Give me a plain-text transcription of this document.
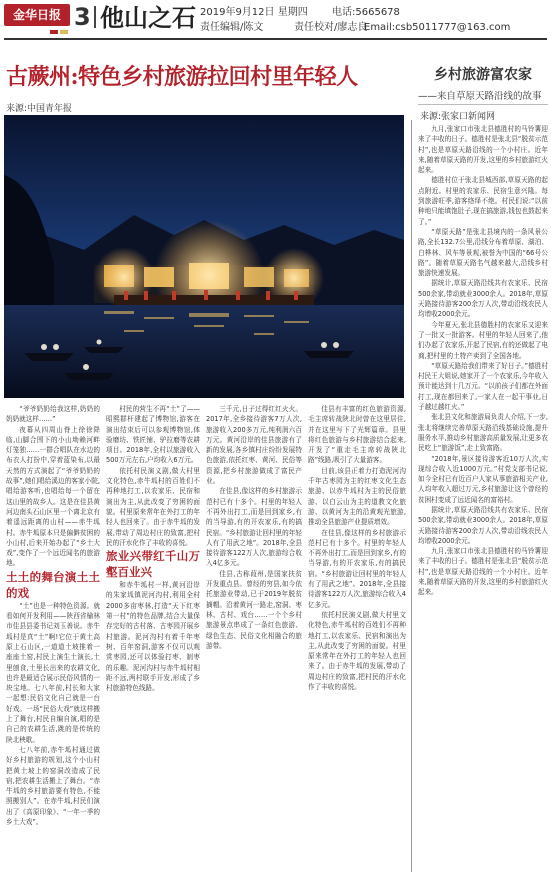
金华日报 3 他山之石 2019年9月12日 星期四
责任编辑/陈文
电话:5665678
责任校对/廖志良
Email:csb5011777@163.com
古蕨州:特色乡村旅游拉回村里年轻人
来源:中国青年报
乡村旅游富农家
——来自草原天路沿线的故事
来源:张家口新闻网

九月,张家口市张北县德胜村的马铃薯迎来了丰收的日子。德胜村是张北县“脱贫示范村”,也是草原天路沿线的一个小村庄。近年来,随着草原天路的开发,这里的乡村旅游红火起来。

德胜村位于张北县城西部,草原天路的起点附近。村里的农家乐、民宿生意兴隆。每到旅游旺季,游客络绎不绝。村民们说:“以前种地只能填饱肚子,现在搞旅游,钱包也鼓起来了。”

“草原天路”是张北县境内的一条风景公路,全长132.7公里,沿线分布着草原、湖泊、白桦林、风车等景观,被誉为中国的“66号公路”。随着草原天路名气越来越大,沿线乡村旅游快速发展。

据统计,草原天路沿线共有农家乐、民宿500余家,带动就业3000余人。2018年,草原天路接待游客200余万人次,带动沿线农民人均增收2000余元。

今年夏天,张北县德胜村的农家乐又迎来了一批又一批游客。村里的年轻人回来了,他们办起了农家乐,开起了民宿,有的还做起了电商,把村里的土特产卖到了全国各地。

“草原天路给我们带来了好日子。”德胜村村民王大姐说,她家开了一个农家乐,今年收入预计能达到十几万元。“以前孩子们都在外面打工,现在都回来了,一家人在一起干事业,日子越过越红火。”

张北县文化和旅游局负责人介绍,下一步,张北将继续完善草原天路沿线基础设施,提升服务水平,推动乡村旅游高质量发展,让更多农民吃上“旅游饭”,走上致富路。

“2018年,景区接待游客近10万人次,实现综合收入近1000万元。”村党支部书记说,如今全村已有近百户人家从事旅游相关产业,人均年收入超过万元,乡村旅游让这个曾经的贫困村变成了远近闻名的富裕村。

据统计,草原天路沿线共有农家乐、民宿500余家,带动就业3000余人。2018年,草原天路接待游客200余万人次,带动沿线农民人均增收2000余元。

九月,张家口市张北县德胜村的马铃薯迎来了丰收的日子。德胜村是张北县“脱贫示范村”,也是草原天路沿线的一个小村庄。近年来,随着草原天路的开发,这里的乡村旅游红火起来。

“爷爷奶奶给我这样,奶奶的奶奶就这样……”

夜幕从四周山脊上徐徐降临,山脚合围下的小山坳赖河畔灯笼独……一群合唱队在水边的布衣人打扮中,穿着蓝染布,以最天然的方式演起了“爷爷奶奶的故事”,她们唱给溪边的客家小院,唱给游客听,也唱给每一个留在这山里的故乡人。这是在佳县黄河边南头石山区里一个离北京有着遥远距离的山村——赤牛坬村。赤牛坬原本只是偏僻贫困的小山村,后来开始办起了“乡土大戏”,变作了一个远近闻名的旅游地。

土土的舞台演土土的戏

“土”也是一种特色资源。就看如何开发利用——陕西省榆林市佳县县委书记刘玉善说。赤牛坬村是真“土”啊!它位于黄土高原上石山区,一道道土坡推着一座座土窑,村民上演生土演长,土里刨食,土里长出来的农耕文化,也许是最适合展示民俗风情的一块宝地。七八年前,村长和大家一起想:民俗文化自己就是一台好戏。一场“民俗大戏”就这样搬上了舞台,村民自编自演,唱的是自己的农耕生活,跳的是传统的陕北秧歌。

七八年前,赤牛坬村通过做好乡村旅游的规划,这个小山村把黄土坡上的窑洞改造成了民宿,把农耕生活搬上了舞台。“赤牛坬的乡村旅游要有特色,不能照搬别人”。在赤牛坬,村民们演出了《高原印象》、“一年一季的乡土大戏”。

村民的营生不再“土”了——昭熙群杆建起了博物馆,游客在演出结束后可以参观博物馆,体验磨坊、铁匠铺、驴拉磨等农耕项目。2018年,全村以旅游收入500万元左右,户均收入6万元。

依托村民演义剧,做大村里文化特色,赤牛坬村的百姓们不再种地打工,以农家乐、民宿和演出为主,从此改变了穷困的面貌。村里原来常年在外打工的年轻人也回来了。由于赤牛坬的发展,带动了周边村庄的致富,把村民的汗水化作了丰收的喜悦。

旅业兴带红千山万壑百业兴

和赤牛坬村一样,黄河沿岸的朱家坬镇泥河沟村,利用全村2000多亩枣林,打造“天下红枣第一村”的特色品牌,结合大量保存完好的古村落、古枣园开展乡村旅游。泥河沟村有着千年枣树、百年窑洞,游客不仅可以观赏枣园,还可以体验打枣、制枣的乐趣。泥河沟村与赤牛坬村相距不远,两村联手开发,形成了乡村旅游特色线路。

三千元,日子过得红红火火。2017年,全乡接待游客7万人次,旅游收入200多万元,纯利润六百万元。黄河沿岸的佳县旅游有了新的发展,各乡镇村庄纷纷发展特色旅游,依托红枣、黄河、民俗等资源,把乡村旅游做成了富民产业。

在佳县,像这样的乡村旅游示范村已有十多个。村里的年轻人不再外出打工,而是回到家乡,有的当导游,有的开农家乐,有的搞民宿。“乡村旅游让回村里的年轻人有了用武之地”。2018年,全县接待游客122万人次,旅游综合收入4亿多元。

佳县,古称葭州,是国家扶贫开发重点县。曾经的穷县,如今依托旅游业带动,已于2019年脱贫摘帽。沿着黄河一路走,窑洞、枣林、古村、戏台……一个个乡村旅游景点串成了一条红色旅游、绿色生态、民俗文化相融合的旅游带。

佳县有丰富的红色旅游资源,毛主席转战陕北时曾在这里居住,并在这里写下了光辉篇章。县里将红色旅游与乡村旅游结合起来,开发了“重走毛主席转战陕北路”线路,吸引了大量游客。

目前,该县正着力打造泥河沟千年古枣园为主的红枣文化生态旅游、以赤牛坬村为主的民俗旅游、以白云山为主的道教文化旅游、以黄河为主的沿黄观光旅游,推动全县旅游产业提质增效。

在佳县,像这样的乡村旅游示范村已有十多个。村里的年轻人不再外出打工,而是回到家乡,有的当导游,有的开农家乐,有的搞民宿。“乡村旅游让回村里的年轻人有了用武之地”。2018年,全县接待游客122万人次,旅游综合收入4亿多元。

依托村民演义剧,做大村里文化特色,赤牛坬村的百姓们不再种地打工,以农家乐、民宿和演出为主,从此改变了穷困的面貌。村里原来常年在外打工的年轻人也回来了。由于赤牛坬的发展,带动了周边村庄的致富,把村民的汗水化作了丰收的喜悦。
